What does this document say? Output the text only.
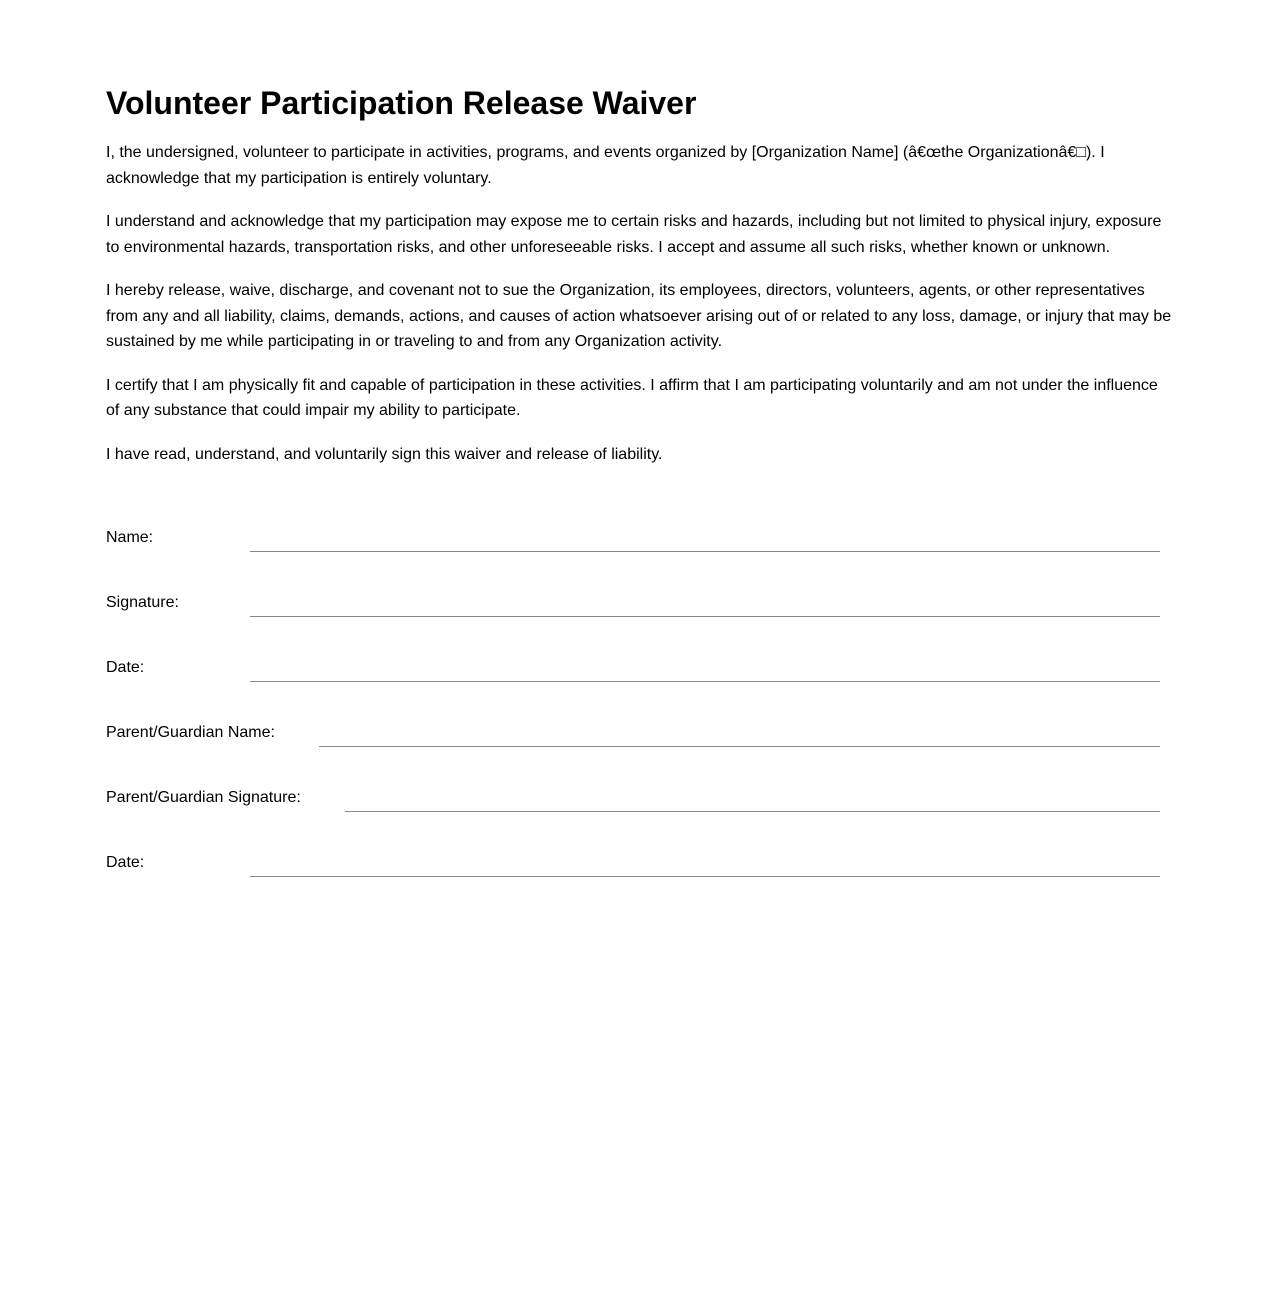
Volunteer Participation Release Waiver

I, the undersigned, volunteer to participate in activities, programs, and events organized by [Organization Name] (â€œthe Organizationâ€□). I acknowledge that my participation is entirely voluntary.

I understand and acknowledge that my participation may expose me to certain risks and hazards, including but not limited to physical injury, exposure to environmental hazards, transportation risks, and other unforeseeable risks. I accept and assume all such risks, whether known or unknown.

I hereby release, waive, discharge, and covenant not to sue the Organization, its employees, directors, volunteers, agents, or other representatives from any and all liability, claims, demands, actions, and causes of action whatsoever arising out of or related to any loss, damage, or injury that may be sustained by me while participating in or traveling to and from any Organization activity.

I certify that I am physically fit and capable of participation in these activities. I affirm that I am participating voluntarily and am not under the influence of any substance that could impair my ability to participate.

I have read, understand, and voluntarily sign this waiver and release of liability.

Name:
Signature:
Date:
Parent/Guardian Name:
Parent/Guardian Signature:
Date:
